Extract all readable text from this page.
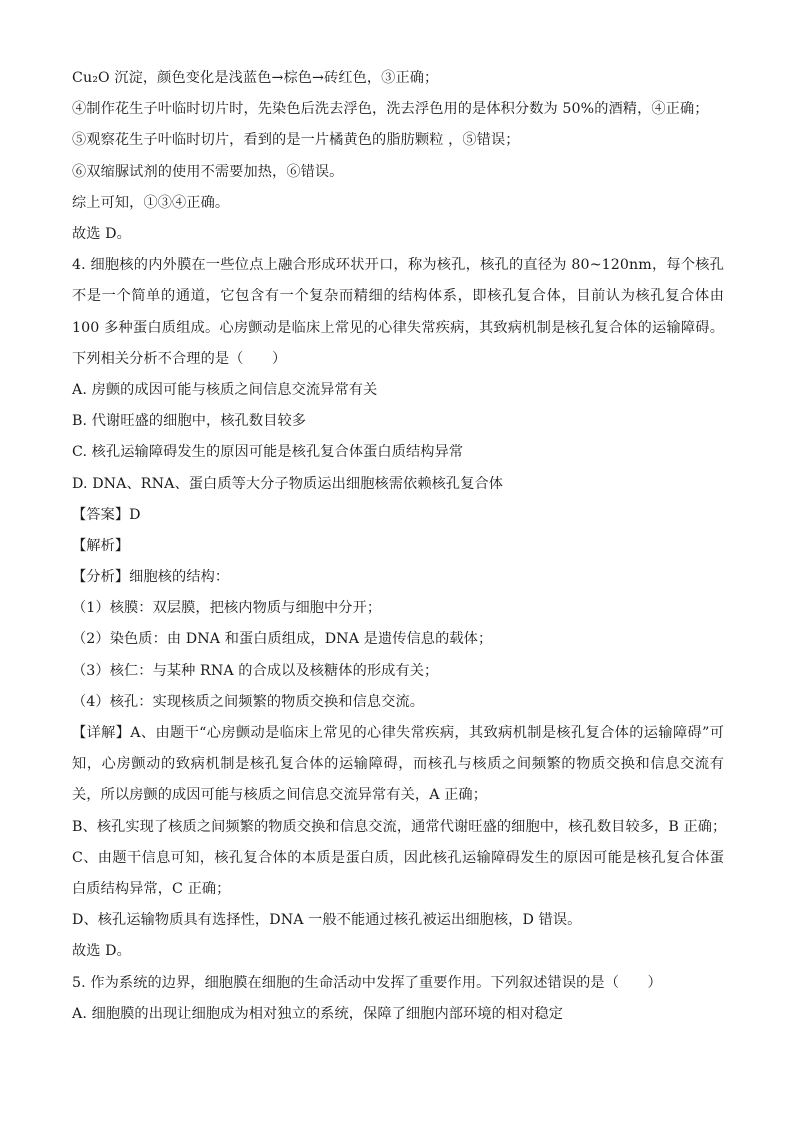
Cu₂O 沉淀，颜色变化是浅蓝色→棕色→砖红色，③正确；
④制作花生子叶临时切片时，先染色后洗去浮色，洗去浮色用的是体积分数为 50%的酒精，④正确；
⑤观察花生子叶临时切片，看到的是一片橘黄色的脂肪颗粒 ，⑤错误；
⑥双缩脲试剂的使用不需要加热，⑥错误。
综上可知，①③④正确。
故选 D。
4. 细胞核的内外膜在一些位点上融合形成环状开口，称为核孔，核孔的直径为 80~120nm，每个核孔不是一个简单的通道，它包含有一个复杂而精细的结构体系，即核孔复合体，目前认为核孔复合体由 100 多种蛋白质组成。心房颤动是临床上常见的心律失常疾病，其致病机制是核孔复合体的运输障碍。下列相关分析不合理的是（　　）
A. 房颤的成因可能与核质之间信息交流异常有关
B. 代谢旺盛的细胞中，核孔数目较多
C. 核孔运输障碍发生的原因可能是核孔复合体蛋白质结构异常
D. DNA、RNA、蛋白质等大分子物质运出细胞核需依赖核孔复合体
【答案】D
【解析】
【分析】细胞核的结构：
（1）核膜：双层膜，把核内物质与细胞中分开；
（2）染色质：由 DNA 和蛋白质组成，DNA 是遗传信息的载体；
（3）核仁：与某种 RNA 的合成以及核糖体的形成有关；
（4）核孔：实现核质之间频繁的物质交换和信息交流。
【详解】A、由题干“心房颤动是临床上常见的心律失常疾病，其致病机制是核孔复合体的运输障碍”可知，心房颤动的致病机制是核孔复合体的运输障碍，而核孔与核质之间频繁的物质交换和信息交流有关，所以房颤的成因可能与核质之间信息交流异常有关，A 正确；
B、核孔实现了核质之间频繁的物质交换和信息交流，通常代谢旺盛的细胞中，核孔数目较多，B 正确；
C、由题干信息可知，核孔复合体的本质是蛋白质，因此核孔运输障碍发生的原因可能是核孔复合体蛋白质结构异常，C 正确；
D、核孔运输物质具有选择性，DNA 一般不能通过核孔被运出细胞核，D 错误。
故选 D。
5. 作为系统的边界，细胞膜在细胞的生命活动中发挥了重要作用。下列叙述错误的是（　　）
A. 细胞膜的出现让细胞成为相对独立的系统，保障了细胞内部环境的相对稳定
